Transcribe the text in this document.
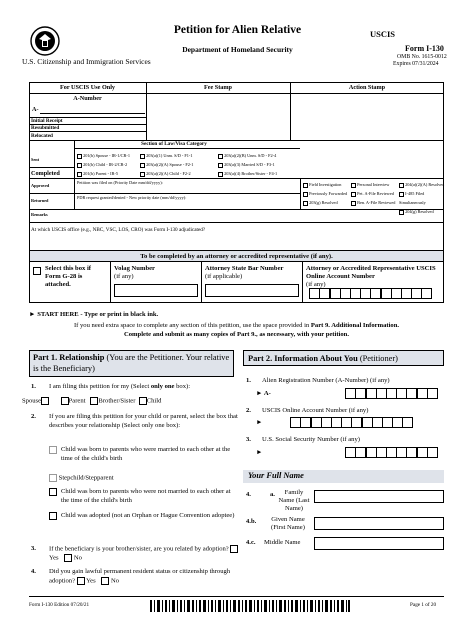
U.S. Citizenship and Immigration Services
Petition for Alien Relative
Department of Homeland Security
USCIS
Form I-130
OMB No. 1615-0012
Expires 07/31/2024
For USCIS Use Only	Fee Stamp	Action Stamp
A-Number
A-
Initial Receipt
Resubmitted
Relocated
Section of Law/Visa Category
Sent
Completed
201(b) Spouse - IR-1/CR-1
201(b) Child - IR-2/CR-2
201(b) Parent - IR-5
203(a)(1) Unm. S/D - F1-1
203(a)(2)(A) Spouse - F2-1
203(a)(2)(A) Child - F2-2
203(a)(2)(B) Unm. S/D - F2-4
203(a)(3) Married S/D - F3-1
203(a)(4) Brother/Sister - F4-1
Approved
Returned
Petition was filed on (Priority Date mm/dd/yyyy):
PDR request granted/denied - New priority date (mm/dd/yyyy):
Field Investigation
Previously Forwarded
203(g) Resolved
Personal Interview
Pet. A-File Reviewed
Ben. A-File Reviewed
204(a)(2)(A) Resolved
I-485 Filed Simultaneously
204(g) Resolved
Remarks
At which USCIS office (e.g., NBC, VSC, LOS, CRO) was Form I-130 adjudicated?
To be completed by an attorney or accredited representative (if any).
Select this box if Form G-28 is attached.
Volag Number
(if any)
Attorney State Bar Number
(if applicable)
Attorney or Accredited Representative USCIS Online Account Number
(if any)
► START HERE - Type or print in black ink.
If you need extra space to complete any section of this petition, use the space provided in Part 9. Additional Information.
Complete and submit as many copies of Part 9., as necessary, with your petition.
Part 1. Relationship (You are the Petitioner. Your relative is the Beneficiary)
1. I am filing this petition for my (Select only one box):
Spouse	Parent Brother/Sister Child
2. If you are filing this petition for your child or parent, select the box that describes your relationship (Select only one box):
Child was born to parents who were married to each other at the time of the child's birth
Stepchild/Stepparent
Child was born to parents who were not married to each other at the time of the child's birth
Child was adopted (not an Orphan or Hague Convention adoptee)
3. If the beneficiary is your brother/sister, are you related by adoption?  Yes No
4. Did you gain lawful permanent resident status or citizenship through adoption? Yes No
Part 2. Information About You (Petitioner)
1. Alien Registration Number (A-Number) (if any)
► A-
2. USCIS Online Account Number (if any)
►
3. U.S. Social Security Number (if any)
►
Your Full Name
4.	a.	Family Name (Last Name)
4.b.	Given Name (First Name)
4.c. Middle Name
Form I-130 Edition 07/20/21	Page 1 of 20
